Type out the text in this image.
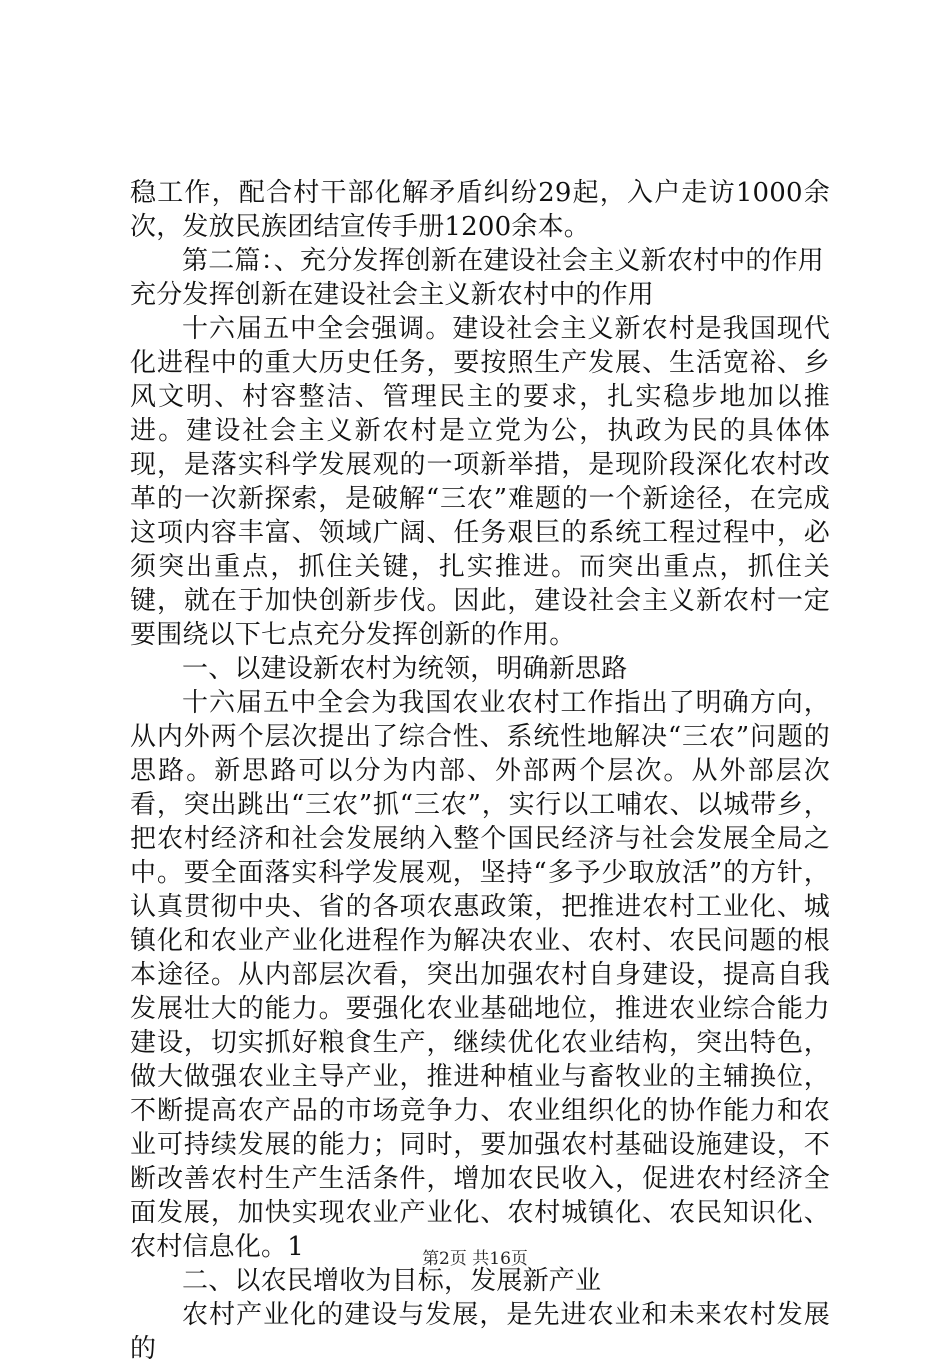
稳工作，配合村干部化解矛盾纠纷29起，入户走访1000余次，发放民族团结宣传手册1200余本。

第二篇：、充分发挥创新在建设社会主义新农村中的作用

充分发挥创新在建设社会主义新农村中的作用

十六届五中全会强调。建设社会主义新农村是我国现代化进程中的重大历史任务，要按照生产发展、生活宽裕、乡风文明、村容整洁、管理民主的要求，扎实稳步地加以推进。建设社会主义新农村是立党为公，执政为民的具体体现，是落实科学发展观的一项新举措，是现阶段深化农村改革的一次新探索，是破解“三农”难题的一个新途径，在完成这项内容丰富、领域广阔、任务艰巨的系统工程过程中，必须突出重点，抓住关键，扎实推进。而突出重点，抓住关键，就在于加快创新步伐。因此，建设社会主义新农村一定要围绕以下七点充分发挥创新的作用。

一、以建设新农村为统领，明确新思路

十六届五中全会为我国农业农村工作指出了明确方向，从内外两个层次提出了综合性、系统性地解决“三农”问题的思路。新思路可以分为内部、外部两个层次。从外部层次看，突出跳出“三农”抓“三农”，实行以工哺农、以城带乡，把农村经济和社会发展纳入整个国民经济与社会发展全局之中。要全面落实科学发展观，坚持“多予少取放活”的方针，认真贯彻中央、省的各项农惠政策，把推进农村工业化、城镇化和农业产业化进程作为解决农业、农村、农民问题的根本途径。从内部层次看，突出加强农村自身建设，提高自我发展壮大的能力。要强化农业基础地位，推进农业综合能力建设，切实抓好粮食生产，继续优化农业结构，突出特色，做大做强农业主导产业，推进种植业与畜牧业的主辅换位，不断提高农产品的市场竞争力、农业组织化的协作能力和农业可持续发展的能力；同时，要加强农村基础设施建设，不断改善农村生产生活条件，增加农民收入，促进农村经济全面发展，加快实现农业产业化、农村城镇化、农民知识化、农村信息化。1

二、以农民增收为目标，发展新产业

农村产业化的建设与发展，是先进农业和未来农村发展的

第2页 共16页
